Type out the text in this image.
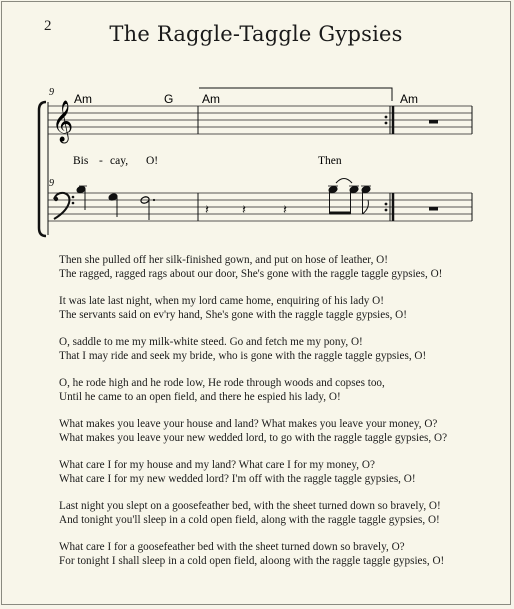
2	The Raggle-Taggle Gypsies
9
9
Am	G Am	Am
𝄞
Bis - cay, O!	Then
𝄽	𝄽	𝄽
Then she pulled off her silk-finished gown, and put on hose of leather, O!
The ragged, ragged rags about our door, She's gone with the raggle taggle gypsies, O!
It was late last night, when my lord came home, enquiring of his lady O!
The servants said on ev'ry hand, She's gone with the raggle taggle gypsies, O!
O, saddle to me my milk-white steed. Go and fetch me my pony, O!
That I may ride and seek my bride, who is gone with the raggle taggle gypsies, O!
O, he rode high and he rode low, He rode through woods and copses too,
Until he came to an open field, and there he espied his lady, O!
What makes you leave your house and land? What makes you leave your money, O?
What makes you leave your new wedded lord, to go with the raggle taggle gypsies, O?
What care I for my house and my land? What care I for my money, O?
What care I for my new wedded lord? I'm off with the raggle taggle gypsies, O!
Last night you slept on a goosefeather bed, with the sheet turned down so bravely, O!
And tonight you'll sleep in a cold open field, along with the raggle taggle gypsies, O!
What care I for a goosefeather bed with the sheet turned down so bravely, O?
For tonight I shall sleep in a cold open field, aloong with the raggle taggle gypsies, O!
